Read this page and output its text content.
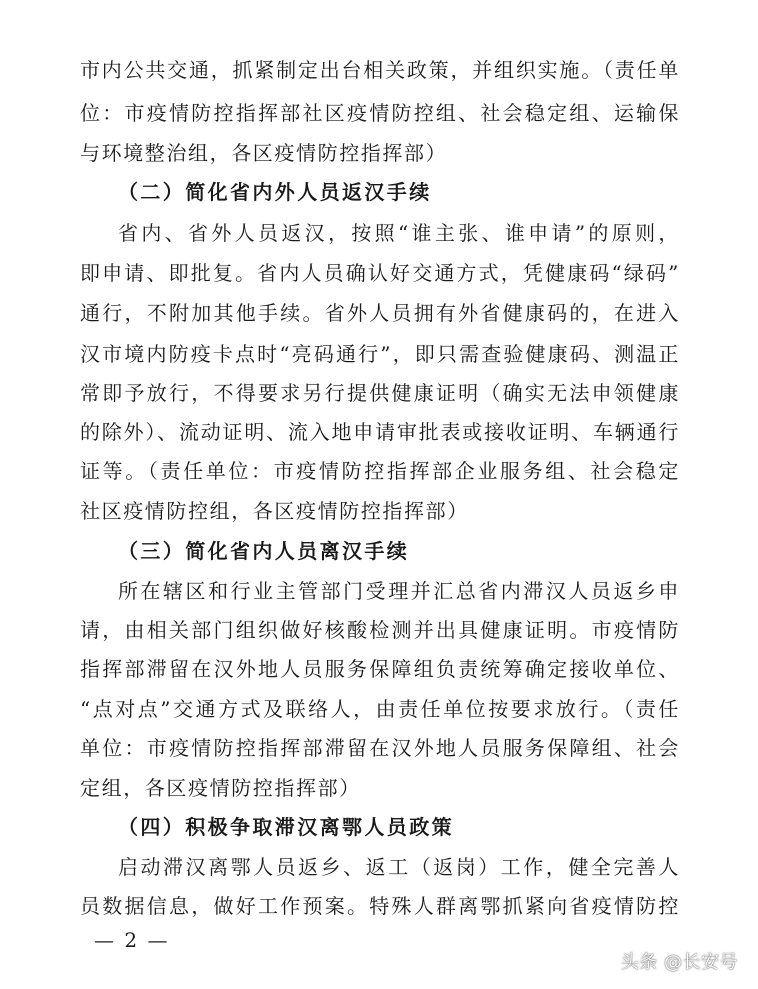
市内公共交通，抓紧制定出台相关政策，并组织实施。（责任单
位：市疫情防控指挥部社区疫情防控组、社会稳定组、运输保
与环境整治组，各区疫情防控指挥部）
（二）简化省内外人员返汉手续
省内、省外人员返汉，按照“谁主张、谁申请”的原则，
即申请、即批复。省内人员确认好交通方式，凭健康码“绿码”
通行，不附加其他手续。省外人员拥有外省健康码的，在进入
汉市境内防疫卡点时“亮码通行”，即只需查验健康码、测温正
常即予放行，不得要求另行提供健康证明（确实无法申领健康
的除外）、流动证明、流入地申请审批表或接收证明、车辆通行
证等。（责任单位：市疫情防控指挥部企业服务组、社会稳定
社区疫情防控组，各区疫情防控指挥部）
（三）简化省内人员离汉手续
所在辖区和行业主管部门受理并汇总省内滞汉人员返乡申
请，由相关部门组织做好核酸检测并出具健康证明。市疫情防
指挥部滞留在汉外地人员服务保障组负责统筹确定接收单位、
“点对点”交通方式及联络人，由责任单位按要求放行。（责任
单位：市疫情防控指挥部滞留在汉外地人员服务保障组、社会
定组，各区疫情防控指挥部）
（四）积极争取滞汉离鄂人员政策
启动滞汉离鄂人员返乡、返工（返岗）工作，健全完善人
员数据信息，做好工作预案。特殊人群离鄂抓紧向省疫情防控
— 2 —
头条 @长安号
